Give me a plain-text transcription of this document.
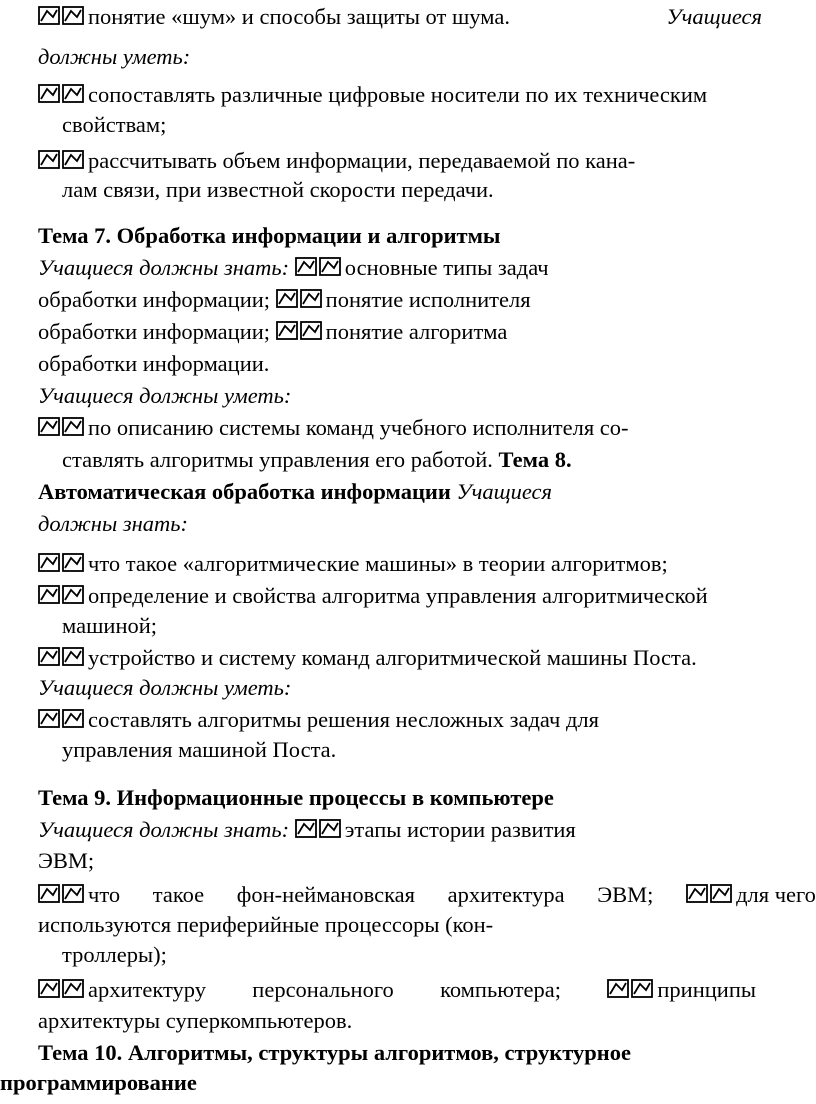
понятие «шум» и способы защиты от шума.	Учащиеся
должны уметь:
сопоставлять различные цифровые носители по их техническим
свойствам;
рассчитывать объем информации, передаваемой по кана-
лам связи, при известной скорости передачи.
Тема 7. Обработка информации и алгоритмы
Учащиеся должны знать: основные типы задач
обработки информации; понятие исполнителя
обработки информации; понятие алгоритма
обработки информации.
Учащиеся должны уметь:
по описанию системы команд учебного исполнителя со-
ставлять алгоритмы управления его работой. Тема 8.
Автоматическая обработка информации Учащиеся
должны знать:
что такое «алгоритмические машины» в теории алгоритмов;
определение и свойства алгоритма управления алгоритмической
машиной;
устройство и систему команд алгоритмической машины Поста.
Учащиеся должны уметь:
составлять алгоритмы решения несложных задач для
управления машиной Поста.
Тема 9. Информационные процессы в компьютере
Учащиеся должны знать: этапы истории развития
ЭВМ;
что такое фон-неймановская архитектура ЭВМ;	для чего
используются периферийные процессоры (кон-
троллеры);
архитектуру персонального компьютера;	принципы
архитектуры суперкомпьютеров.
Тема 10. Алгоритмы, структуры алгоритмов, структурное
программирование
